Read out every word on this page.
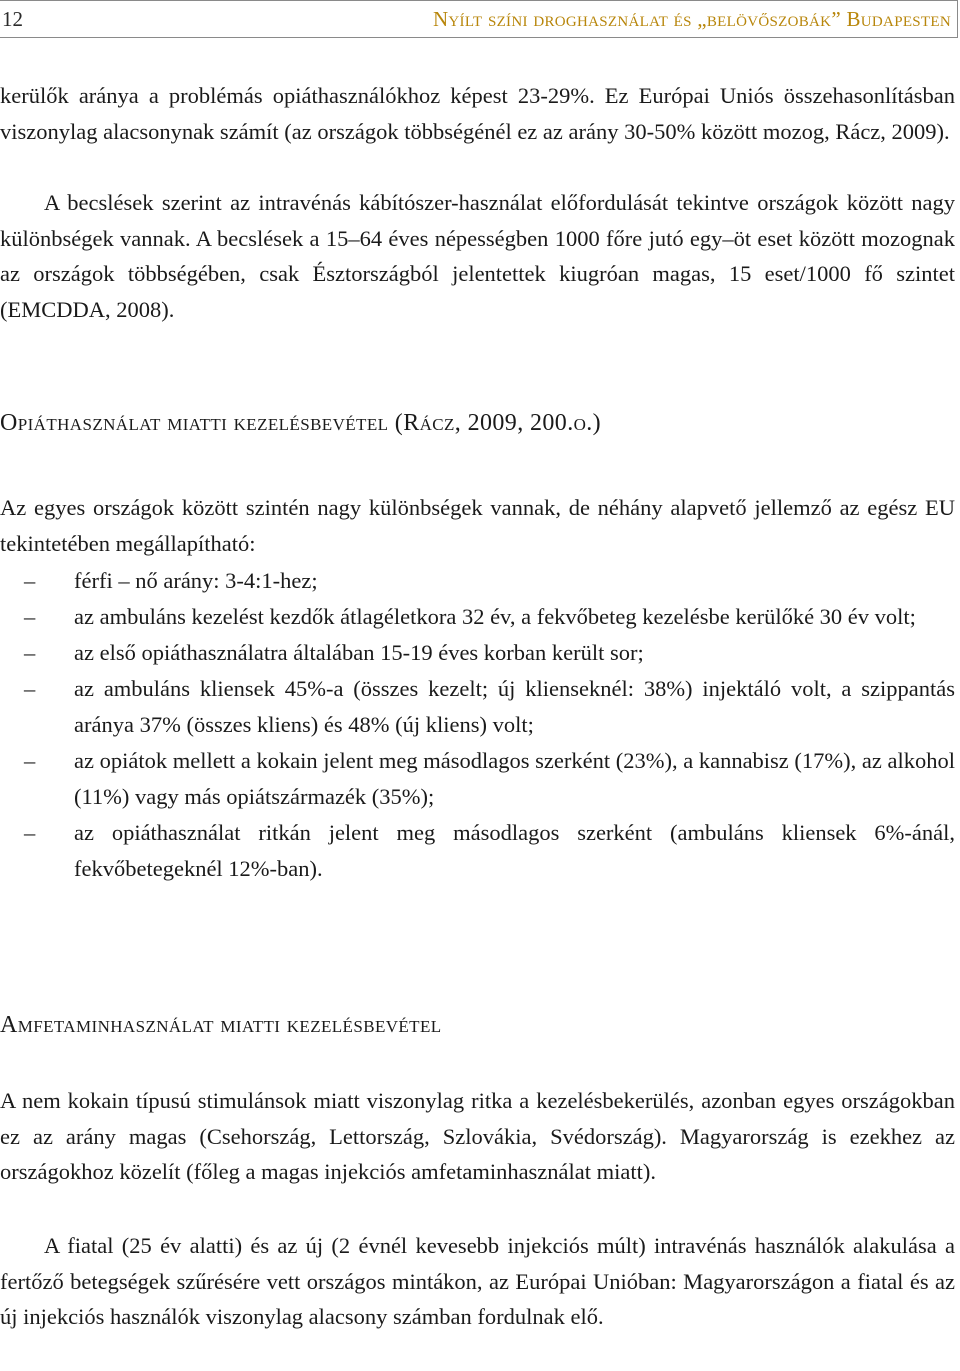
12	Nyílt színi droghasználat és „belövőszobák” Budapesten

kerülők aránya a problémás opiáthasználókhoz képest 23-29%. Ez Európai Uniós összehasonlításban viszonylag alacsonynak számít (az országok többségénél ez az arány 30-50% között mozog, Rácz, 2009).

A becslések szerint az intravénás kábítószer-használat előfordulását tekintve országok között nagy különbségek vannak. A becslések a 15–64 éves népességben 1000 főre jutó egy–öt eset között mozognak az országok többségében, csak Észtországból jelentettek kiugróan magas, 15 eset/1000 fő szintet (EMCDDA, 2008).

Opiáthasználat miatti kezelésbevétel (Rácz, 2009, 200.o.)

Az egyes országok között szintén nagy különbségek vannak, de néhány alapvető jellemző az egész EU tekintetében megállapítható:

– férfi – nő arány: 3-4:1-hez;
– az ambuláns kezelést kezdők átlagéletkora 32 év, a fekvőbeteg kezelésbe kerülőké 30 év volt;
– az első opiáthasználatra általában 15-19 éves korban került sor;
– az ambuláns kliensek 45%-a (összes kezelt; új klienseknél: 38%) injektáló volt, a szippantás aránya 37% (összes kliens) és 48% (új kliens) volt;
– az opiátok mellett a kokain jelent meg másodlagos szerként (23%), a kannabisz (17%), az alkohol (11%) vagy más opiátszármazék (35%);
– az opiáthasználat ritkán jelent meg másodlagos szerként (ambuláns kliensek 6%-ánál, fekvőbetegeknél 12%-ban).
Amfetaminhasználat miatti kezelésbevétel

A nem kokain típusú stimulánsok miatt viszonylag ritka a kezelésbekerülés, azonban egyes országokban ez az arány magas (Csehország, Lettország, Szlovákia, Svédország). Magyarország is ezekhez az országokhoz közelít (főleg a magas injekciós amfetaminhasználat miatt).

A fiatal (25 év alatti) és az új (2 évnél kevesebb injekciós múlt) intravénás használók alakulása a fertőző betegségek szűrésére vett országos mintákon, az Európai Unióban: Magyarországon a fiatal és az új injekciós használók viszonylag alacsony számban fordulnak elő.
